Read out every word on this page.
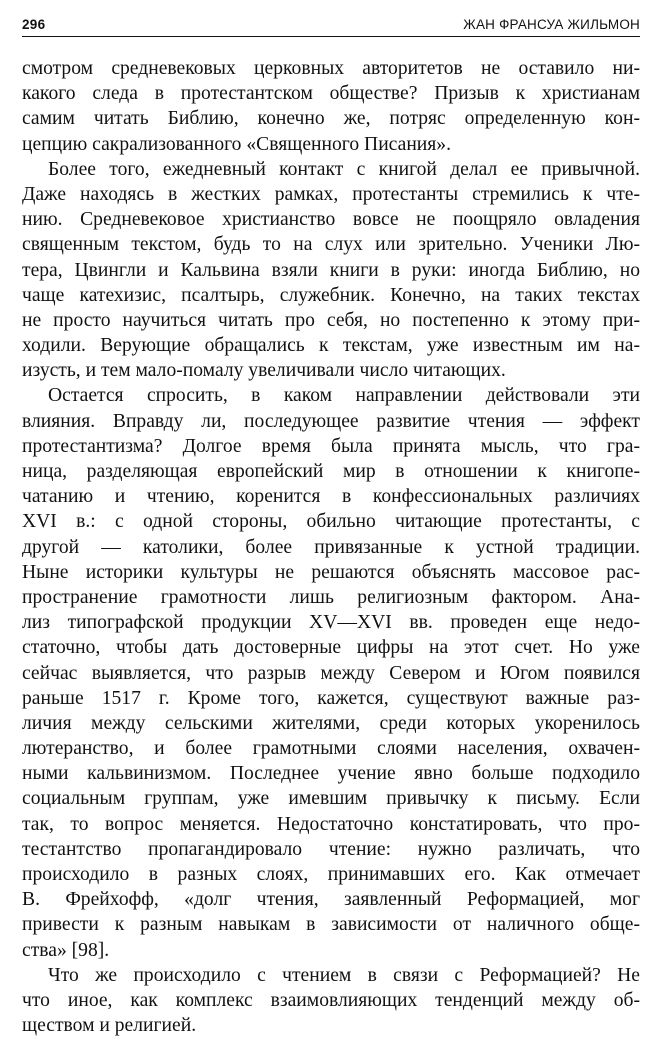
296	ЖАН ФРАНСУА ЖИЛЬМОН
смотром средневековых церковных авторитетов не оставило ни-
какого следа в протестантском обществе? Призыв к христианам
самим читать Библию, конечно же, потряс определенную кон-
цепцию сакрализованного «Священного Писания».
Более того, ежедневный контакт с книгой делал ее привычной.
Даже находясь в жестких рамках, протестанты стремились к чте-
нию. Средневековое христианство вовсе не поощряло овладения
священным текстом, будь то на слух или зрительно. Ученики Лю-
тера, Цвингли и Кальвина взяли книги в руки: иногда Библию, но
чаще катехизис, псалтырь, служебник. Конечно, на таких текстах
не просто научиться читать про себя, но постепенно к этому при-
ходили. Верующие обращались к текстам, уже известным им на-
изусть, и тем мало-помалу увеличивали число читающих.
Остается спросить, в каком направлении действовали эти
влияния. Вправду ли, последующее развитие чтения — эффект
протестантизма? Долгое время была принята мысль, что гра-
ница, разделяющая европейский мир в отношении к книгопе-
чатанию и чтению, коренится в конфессиональных различиях
XVI в.: с одной стороны, обильно читающие протестанты, с
другой — католики, более привязанные к устной традиции.
Ныне историки культуры не решаются объяснять массовое рас-
пространение грамотности лишь религиозным фактором. Ана-
лиз типографской продукции XV—XVI вв. проведен еще недо-
статочно, чтобы дать достоверные цифры на этот счет. Но уже
сейчас выявляется, что разрыв между Севером и Югом появился
раньше 1517 г. Кроме того, кажется, существуют важные раз-
личия между сельскими жителями, среди которых укоренилось
лютеранство, и более грамотными слоями населения, охвачен-
ными кальвинизмом. Последнее учение явно больше подходило
социальным группам, уже имевшим привычку к письму. Если
так, то вопрос меняется. Недостаточно констатировать, что про-
тестантство пропагандировало чтение: нужно различать, что
происходило в разных слоях, принимавших его. Как отмечает
В. Фрейхофф, «долг чтения, заявленный Реформацией, мог
привести к разным навыкам в зависимости от наличного обще-
ства» [98].
Что же происходило с чтением в связи с Реформацией? Не
что иное, как комплекс взаимовлияющих тенденций между об-
ществом и религией.
